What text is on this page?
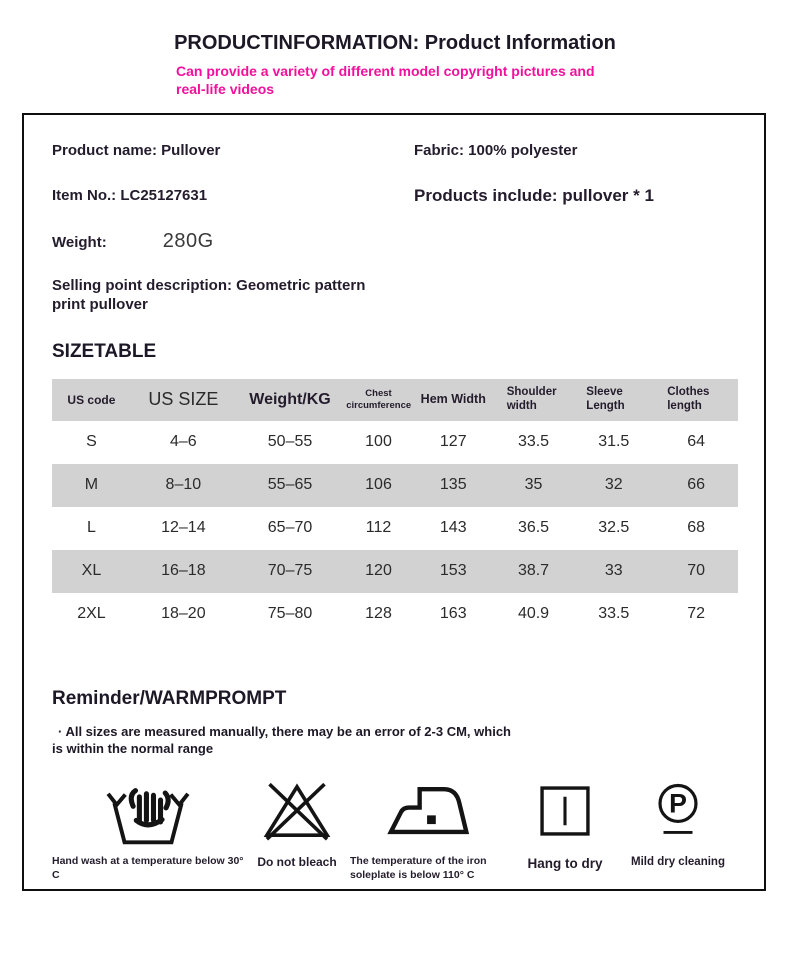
PRODUCTINFORMATION: Product Information

Can provide a variety of different model copyright pictures and real-life videos

Product name: Pullover	Fabric: 100% polyester
Item No.: LC25127631	Products include: pullover * 1
Weight:	280G
Selling point description: Geometric pattern print pullover
SIZETABLE
US code	US SIZE	Weight/KG	Chest circumference	Hem Width	Shoulder width	Sleeve Length	Clothes length
S	4–6	50–55	100	127	33.5	31.5	64
M	8–10	55–65	106	135	35	32	66
L	12–14	65–70	112	143	36.5	32.5	68
XL	16–18	70–75	120	153	38.7	33	70
2XL	18–20	75–80	128	163	40.9	33.5	72
Reminder/WARMPROMPT

· All sizes are measured manually, there may be an error of 2-3 CM, which is within the normal range

Hand wash at a temperature below 30° C
Do not bleach The temperature of the iron soleplate is below 110° C
Hang to dry
P
Mild dry cleaning
